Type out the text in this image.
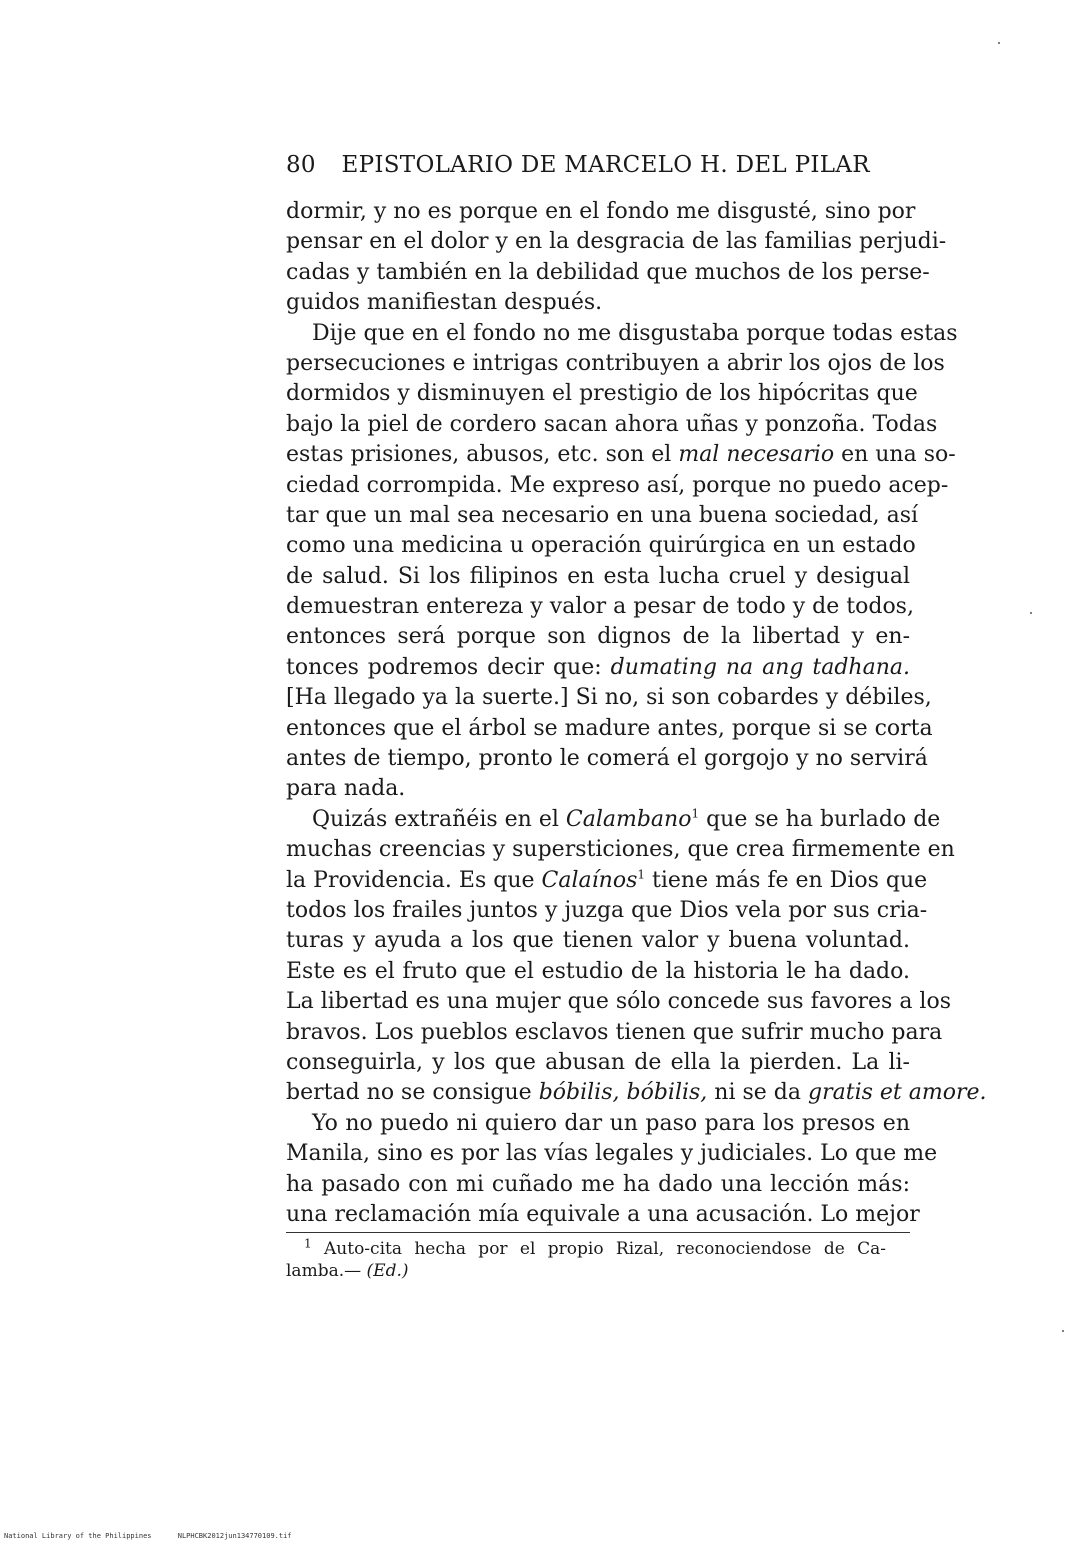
80 EPISTOLARIO DE MARCELO H. DEL PILAR
dormir, y no es porque en el fondo me disgusté, sino por
pensar en el dolor y en la desgracia de las familias perjudi-
cadas y también en la debilidad que muchos de los perse-
guidos manifiestan después.
Dije que en el fondo no me disgustaba porque todas estas
persecuciones e intrigas contribuyen a abrir los ojos de los
dormidos y disminuyen el prestigio de los hipócritas que
bajo la piel de cordero sacan ahora uñas y ponzoña. Todas
estas prisiones, abusos, etc. son el mal necesario en una so-
ciedad corrompida. Me expreso así, porque no puedo acep-
tar que un mal sea necesario en una buena sociedad, así
como una medicina u operación quirúrgica en un estado
de salud. Si los filipinos en esta lucha cruel y desigual
demuestran entereza y valor a pesar de todo y de todos,
entonces será porque son dignos de la libertad y en-
tonces podremos decir que: dumating na ang tadhana.
[Ha llegado ya la suerte.] Si no, si son cobardes y débiles,
entonces que el árbol se madure antes, porque si se corta
antes de tiempo, pronto le comerá el gorgojo y no servirá
para nada.
Quizás extrañéis en el Calambano$^1$ que se ha burlado de
muchas creencias y supersticiones, que crea firmemente en
la Providencia. Es que Calaínos$^1$ tiene más fe en Dios que
todos los frailes juntos y juzga que Dios vela por sus cria-
turas y ayuda a los que tienen valor y buena voluntad.
Este es el fruto que el estudio de la historia le ha dado.
La libertad es una mujer que sólo concede sus favores a los
bravos. Los pueblos esclavos tienen que sufrir mucho para
conseguirla, y los que abusan de ella la pierden. La li-
bertad no se consigue bóbilis, bóbilis, ni se da gratis et amore.
Yo no puedo ni quiero dar un paso para los presos en
Manila, sino es por las vías legales y judiciales. Lo que me
ha pasado con mi cuñado me ha dado una lección más:
una reclamación mía equivale a una acusación. Lo mejor
$^1$ Auto-cita hecha por el propio Rizal, reconociendose de Ca-
lamba.— (Ed.)
National Library of the Philippines	NLPHCBK2012jun134770109.tif
